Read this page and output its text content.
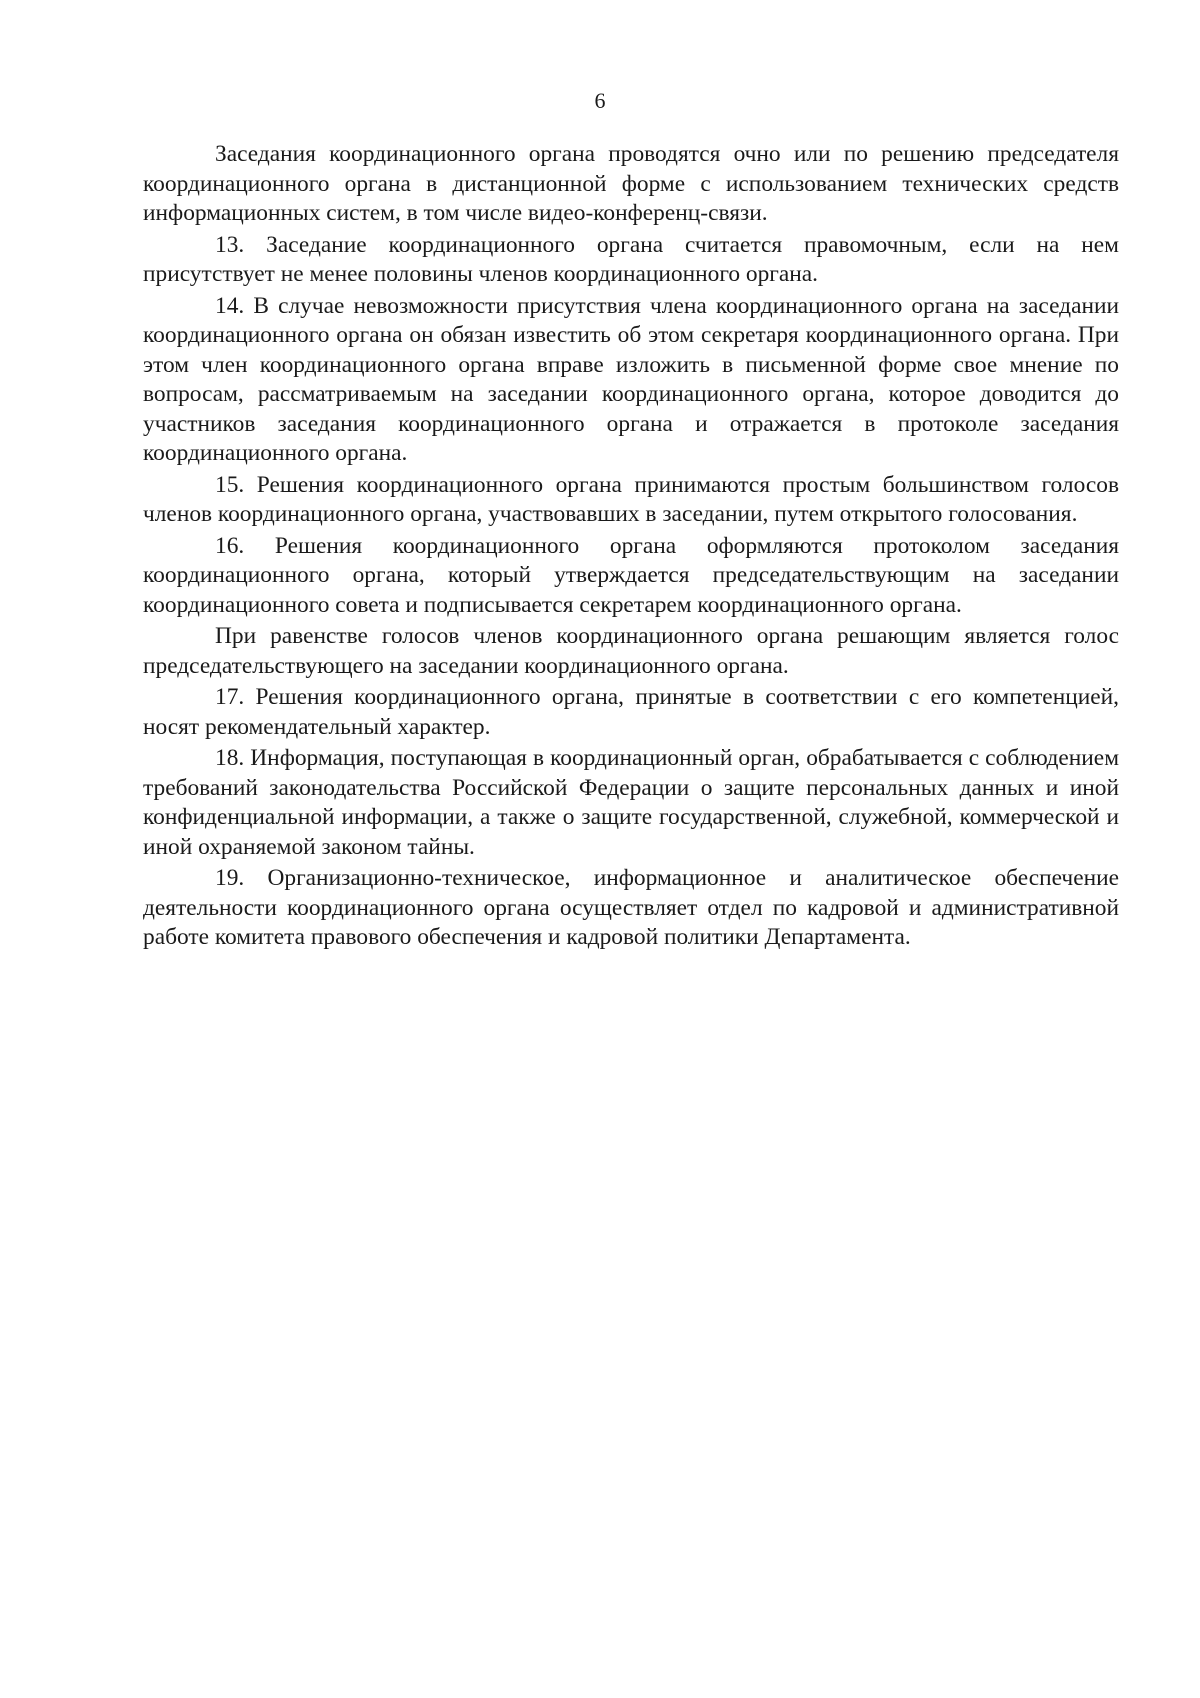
6

Заседания координационного органа проводятся очно или по решению председателя координационного органа в дистанционной форме с использованием технических средств информационных систем, в том числе видео-конференц-связи.

13. Заседание координационного органа считается правомочным, если на нем присутствует не менее половины членов координационного органа.

14. В случае невозможности присутствия члена координационного органа на заседании координационного органа он обязан известить об этом секретаря координационного органа. При этом член координационного органа вправе изложить в письменной форме свое мнение по вопросам, рассматриваемым на заседании координационного органа, которое доводится до участников заседания координационного органа и отражается в протоколе заседания координационного органа.

15. Решения координационного органа принимаются простым большинством голосов членов координационного органа, участвовавших в заседании, путем открытого голосования.

16. Решения координационного органа оформляются протоколом заседания координационного органа, который утверждается председательствующим на заседании координационного совета и подписывается секретарем координационного органа.

При равенстве голосов членов координационного органа решающим является голос председательствующего на заседании координационного органа.

17. Решения координационного органа, принятые в соответствии с его компетенцией, носят рекомендательный характер.

18. Информация, поступающая в координационный орган, обрабатывается с соблюдением требований законодательства Российской Федерации о защите персональных данных и иной конфиденциальной информации, а также о защите государственной, служебной, коммерческой и иной охраняемой законом тайны.

19. Организационно-техническое, информационное и аналитическое обеспечение деятельности координационного органа осуществляет отдел по кадровой и административной работе комитета правового обеспечения и кадровой политики Департамента.
